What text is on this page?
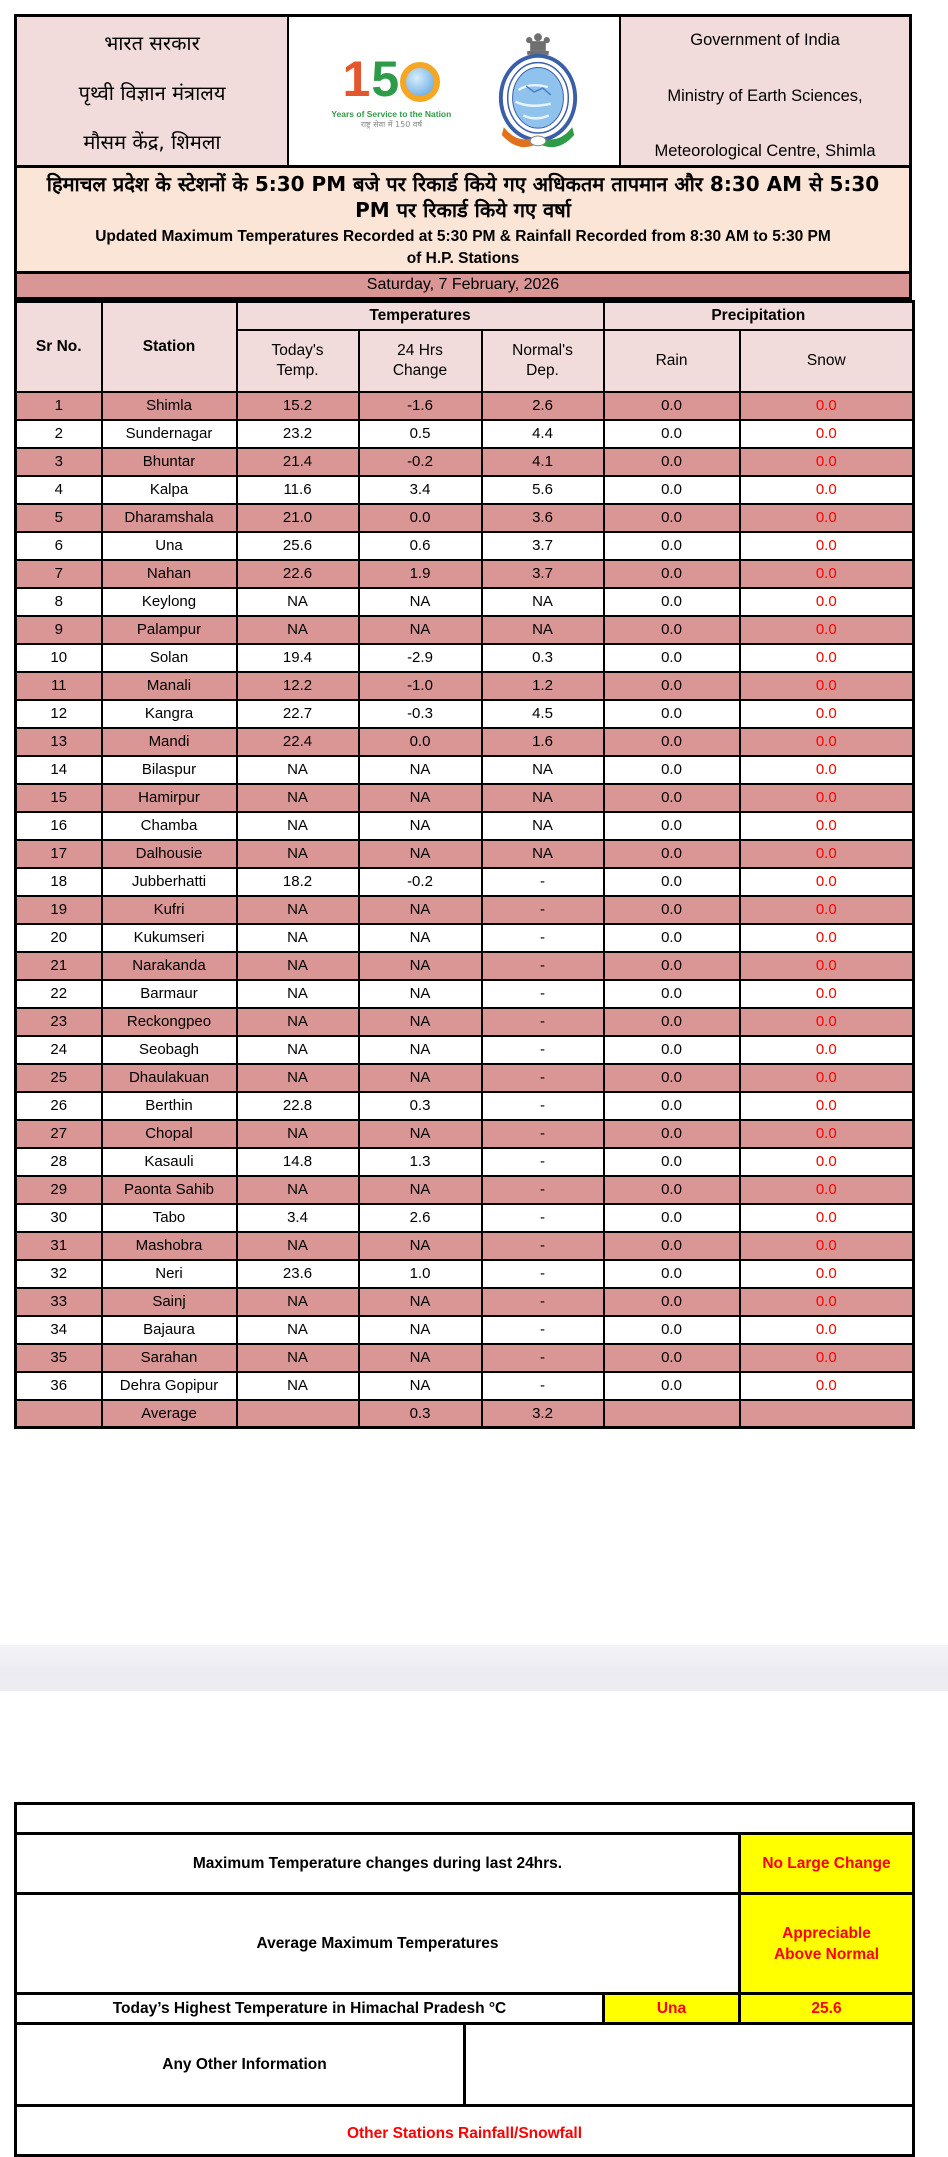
भारत सरकार
पृथ्वी विज्ञान मंत्रालय
मौसम केंद्र, शिमला
15
Years of Service to the Nation
राष्ट्र सेवा में 150 वर्ष
Government of India
Ministry of Earth Sciences,
Meteorological Centre, Shimla
हिमाचल प्रदेश के स्टेशनों के 5:30 PM बजे पर रिकार्ड किये गए अधिकतम तापमान और 8:30 AM से 5:30
PM पर रिकार्ड किये गए वर्षा
Updated Maximum Temperatures Recorded at 5:30 PM & Rainfall Recorded from 8:30 AM to 5:30 PM
of H.P. Stations
Saturday, 7 February, 2026
Sr No.	Station	Temperatures			Precipitation	
		Today's Temp.	24 Hrs Change	Normal's Dep.	Rain	Snow
1	Shimla	15.2	-1.6	2.6	0.0	0.0
2	Sundernagar	23.2	0.5	4.4	0.0	0.0
3	Bhuntar	21.4	-0.2	4.1	0.0	0.0
4	Kalpa	11.6	3.4	5.6	0.0	0.0
5	Dharamshala	21.0	0.0	3.6	0.0	0.0
6	Una	25.6	0.6	3.7	0.0	0.0
7	Nahan	22.6	1.9	3.7	0.0	0.0
8	Keylong	NA	NA	NA	0.0	0.0
9	Palampur	NA	NA	NA	0.0	0.0
10	Solan	19.4	-2.9	0.3	0.0	0.0
11	Manali	12.2	-1.0	1.2	0.0	0.0
12	Kangra	22.7	-0.3	4.5	0.0	0.0
13	Mandi	22.4	0.0	1.6	0.0	0.0
14	Bilaspur	NA	NA	NA	0.0	0.0
15	Hamirpur	NA	NA	NA	0.0	0.0
16	Chamba	NA	NA	NA	0.0	0.0
17	Dalhousie	NA	NA	NA	0.0	0.0
18	Jubberhatti	18.2	-0.2	-	0.0	0.0
19	Kufri	NA	NA	-	0.0	0.0
20	Kukumseri	NA	NA	-	0.0	0.0
21	Narakanda	NA	NA	-	0.0	0.0
22	Barmaur	NA	NA	-	0.0	0.0
23	Reckongpeo	NA	NA	-	0.0	0.0
24	Seobagh	NA	NA	-	0.0	0.0
25	Dhaulakuan	NA	NA	-	0.0	0.0
26	Berthin	22.8	0.3	-	0.0	0.0
27	Chopal	NA	NA	-	0.0	0.0
28	Kasauli	14.8	1.3	-	0.0	0.0
29	Paonta Sahib	NA	NA	-	0.0	0.0
30	Tabo	3.4	2.6	-	0.0	0.0
31	Mashobra	NA	NA	-	0.0	0.0
32	Neri	23.6	1.0	-	0.0	0.0
33	Sainj	NA	NA	-	0.0	0.0
34	Bajaura	NA	NA	-	0.0	0.0
35	Sarahan	NA	NA	-	0.0	0.0
36	Dehra Gopipur	NA	NA	-	0.0	0.0
	Average		0.3	3.2		

Maximum Temperature changes during last 24hrs.			No Large Change
Average Maximum Temperatures			Appreciable Above Normal
Today’s Highest Temperature in Himachal Pradesh °C		Una	25.6
Any Other Information			
Other Stations Rainfall/Snowfall			
